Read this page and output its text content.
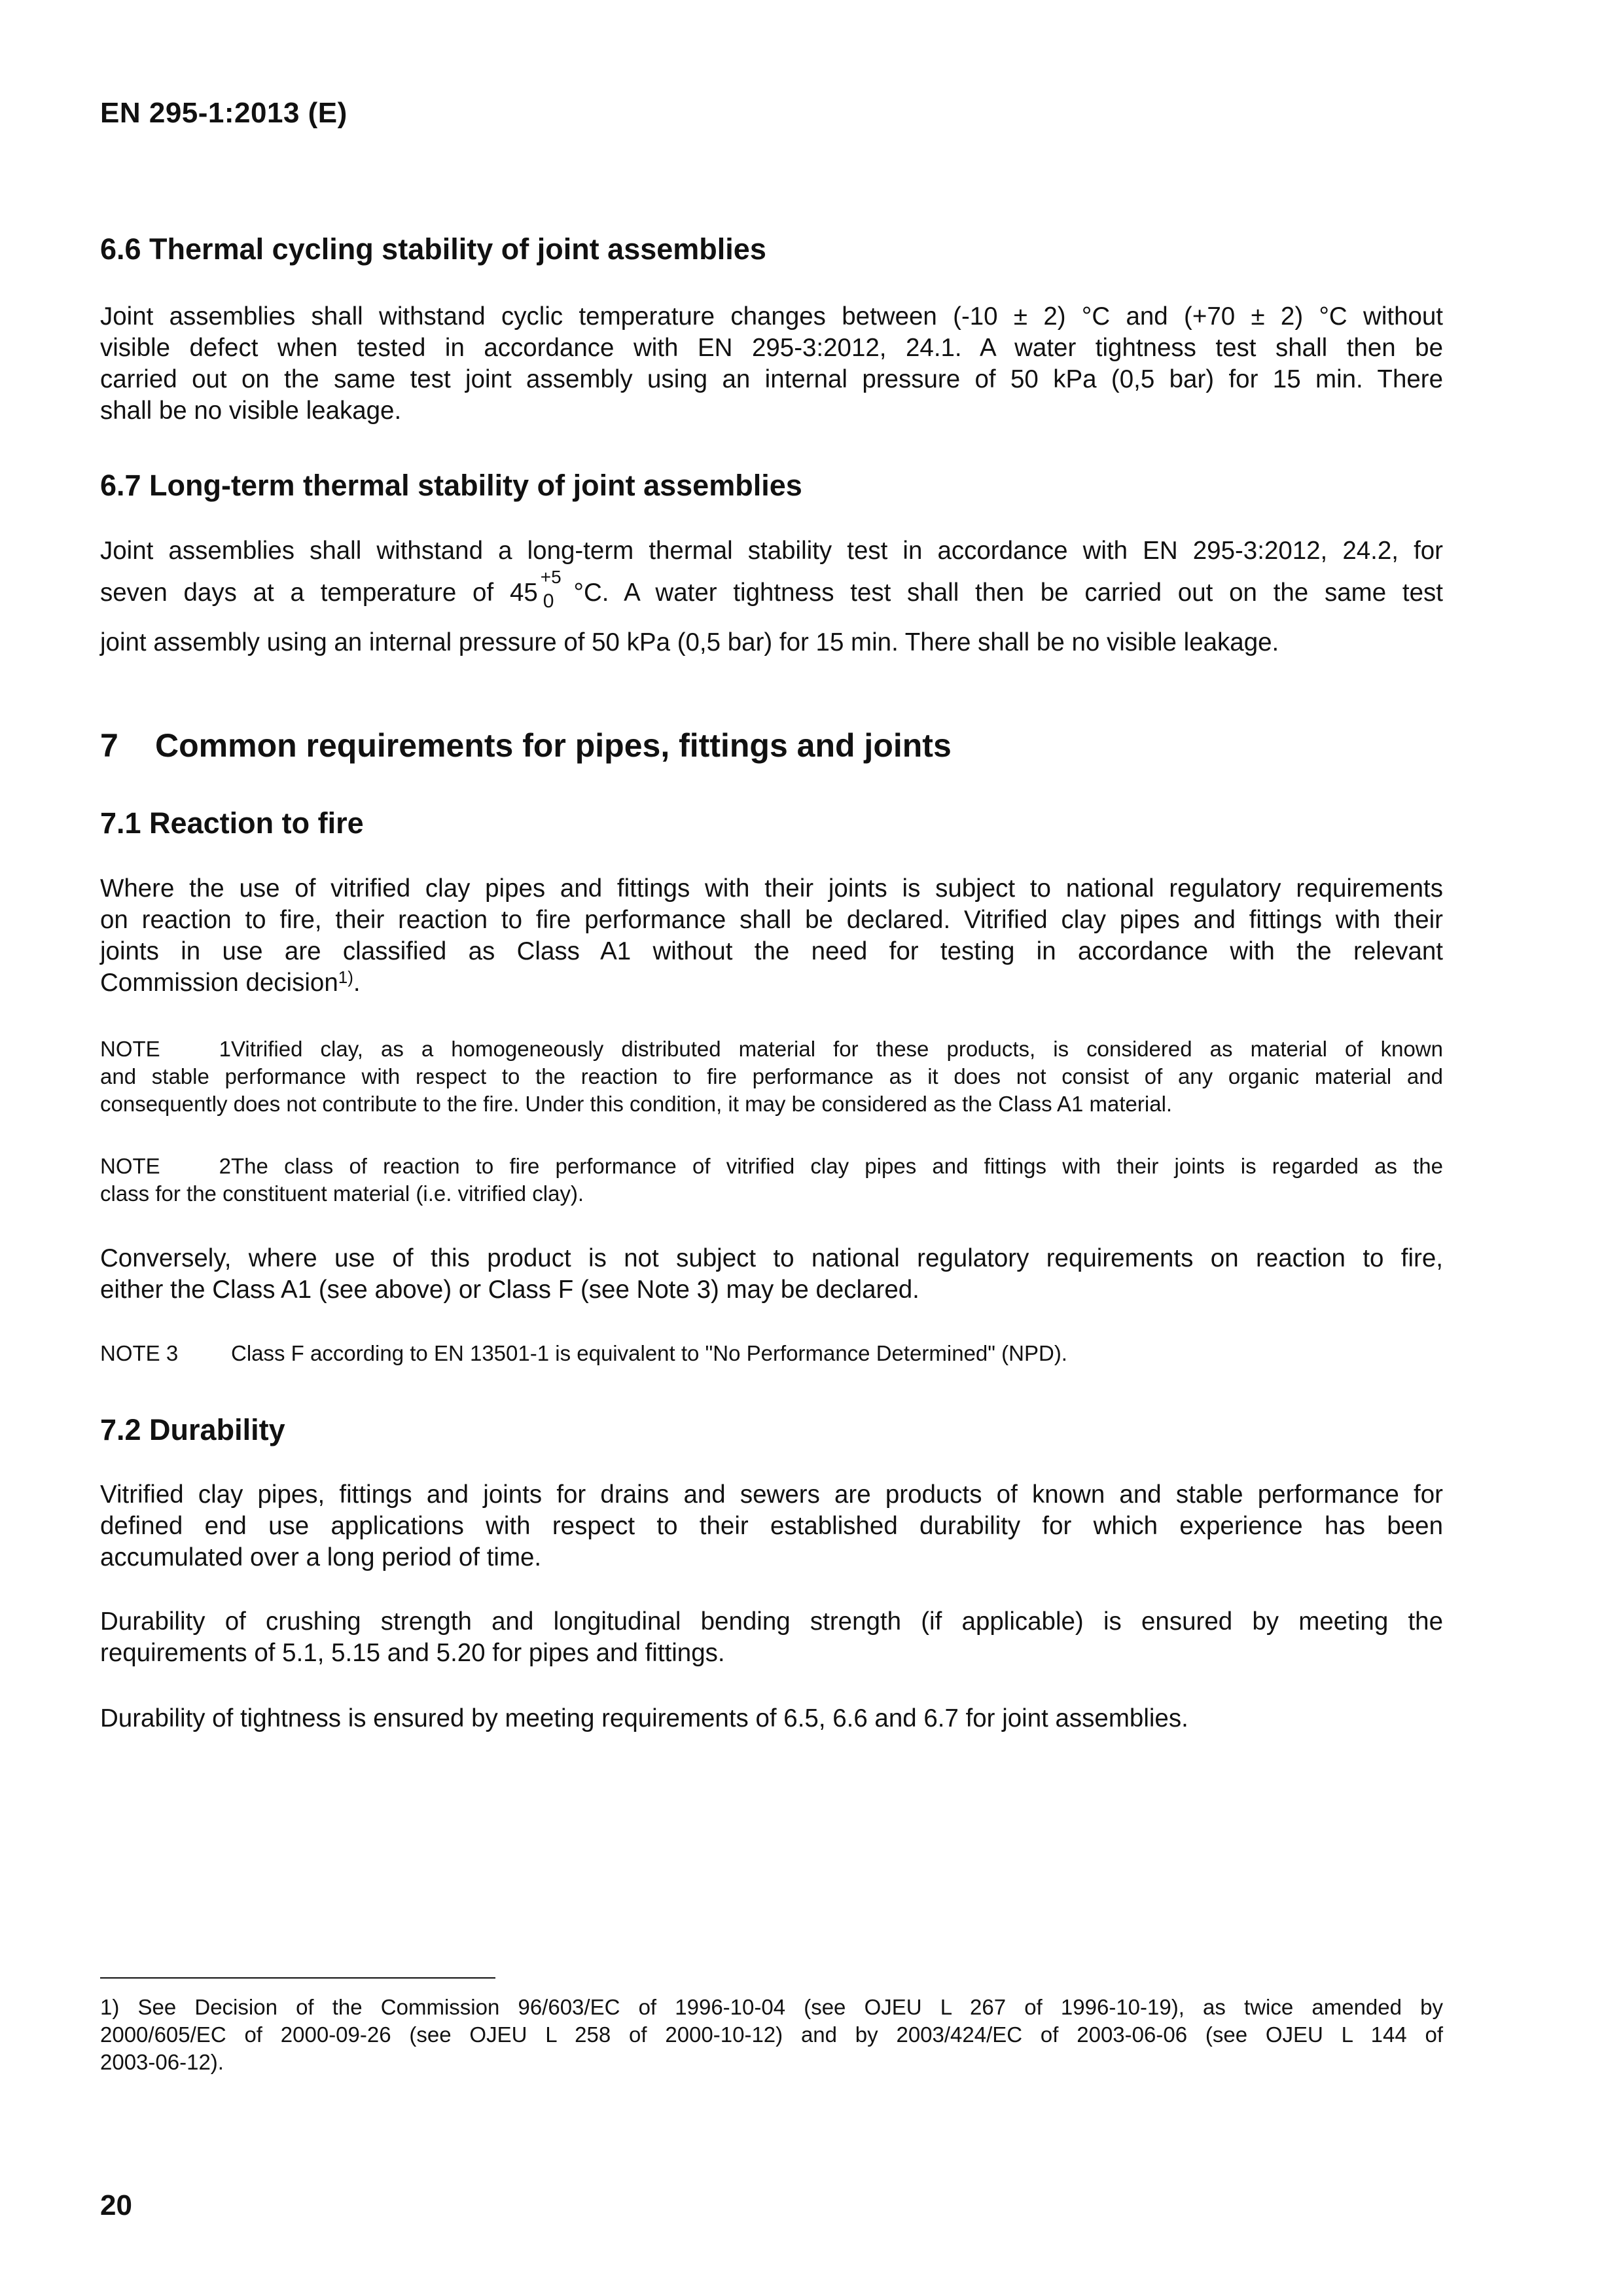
EN 295-1:2013 (E)
6.6 Thermal cycling stability of joint assemblies
Joint assemblies shall withstand cyclic temperature changes between (-10 ± 2) °C and (+70 ± 2) °C without
visible defect when tested in accordance with EN 295-3:2012, 24.1. A water tightness test shall then be
carried out on the same test joint assembly using an internal pressure of 50 kPa (0,5 bar) for 15 min. There
shall be no visible leakage.
6.7 Long-term thermal stability of joint assemblies
Joint assemblies shall withstand a long-term thermal stability test in accordance with EN 295-3:2012, 24.2, for
seven days at a temperature of 45
+5
0 °C. A water tightness test shall then be carried out on the same test
joint assembly using an internal pressure of 50 kPa (0,5 bar) for 15 min. There shall be no visible leakage.
7 Common requirements for pipes, fittings and joints
7.1 Reaction to fire
Where the use of vitrified clay pipes and fittings with their joints is subject to national regulatory requirements
on reaction to fire, their reaction to fire performance shall be declared. Vitrified clay pipes and fittings with their
joints in use are classified as Class A1 without the need for testing in accordance with the relevant
Commission decision$^{1)}$.
NOTE 1Vitrified clay, as a homogeneously distributed material for these products, is considered as material of known
and stable performance with respect to the reaction to fire performance as it does not consist of any organic material and
consequently does not contribute to the fire. Under this condition, it may be considered as the Class A1 material.
NOTE 2The class of reaction to fire performance of vitrified clay pipes and fittings with their joints is regarded as the
class for the constituent material (i.e. vitrified clay).
Conversely, where use of this product is not subject to national regulatory requirements on reaction to fire,
either the Class A1 (see above) or Class F (see Note 3) may be declared.
NOTE 3 Class F according to EN 13501-1 is equivalent to "No Performance Determined" (NPD).
7.2 Durability
Vitrified clay pipes, fittings and joints for drains and sewers are products of known and stable performance for
defined end use applications with respect to their established durability for which experience has been
accumulated over a long period of time.
Durability of crushing strength and longitudinal bending strength (if applicable) is ensured by meeting the
requirements of 5.1, 5.15 and 5.20 for pipes and fittings.
Durability of tightness is ensured by meeting requirements of 6.5, 6.6 and 6.7 for joint assemblies.
1) See Decision of the Commission 96/603/EC of 1996-10-04 (see OJEU L 267 of 1996-10-19), as twice amended by
2000/605/EC of 2000-09-26 (see OJEU L 258 of 2000-10-12) and by 2003/424/EC of 2003-06-06 (see OJEU L 144 of
2003-06-12).
20
